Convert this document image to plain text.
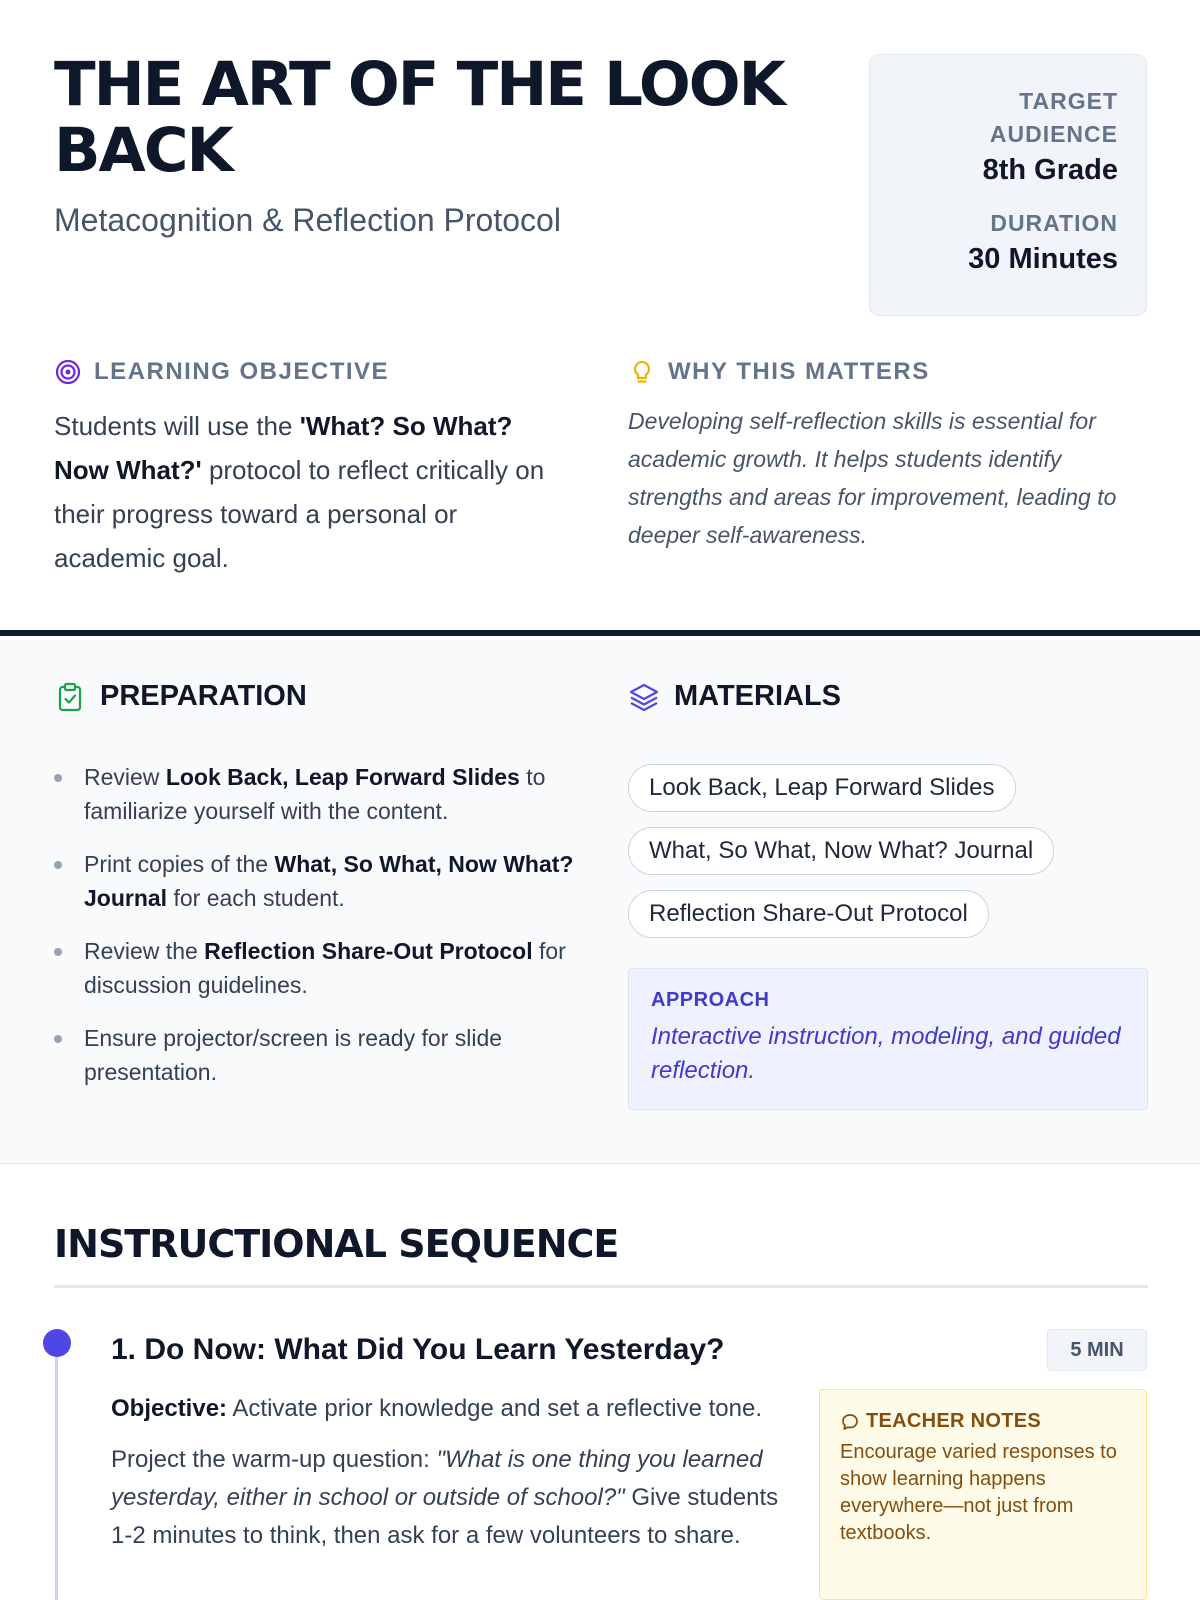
THE ART OF THE LOOK BACK
Metacognition & Reflection Protocol
TARGET AUDIENCE
8th Grade
DURATION
30 Minutes
LEARNING OBJECTIVE

Students will use the 'What? So What? Now What?' protocol to reflect critically on their progress toward a personal or academic goal.

WHY THIS MATTERS

Developing self-reflection skills is essential for academic growth. It helps students identify strengths and areas for improvement, leading to deeper self-awareness.

PREPARATION
Review Look Back, Leap Forward Slides to familiarize yourself with the content.
Print copies of the What, So What, Now What? Journal for each student.
Review the Reflection Share-Out Protocol for discussion guidelines.
Ensure projector/screen is ready for slide presentation.
MATERIALS
Look Back, Leap Forward Slides
What, So What, Now What? Journal
Reflection Share-Out Protocol
APPROACH
Interactive instruction, modeling, and guided reflection.
INSTRUCTIONAL SEQUENCE
1. Do Now: What Did You Learn Yesterday?	5 MIN

Objective: Activate prior knowledge and set a reflective tone.

Project the warm-up question: "What is one thing you learned yesterday, either in school or outside of school?" Give students 1-2 minutes to think, then ask for a few volunteers to share.

TEACHER NOTES
Encourage varied responses to show learning happens everywhere—not just from textbooks.
